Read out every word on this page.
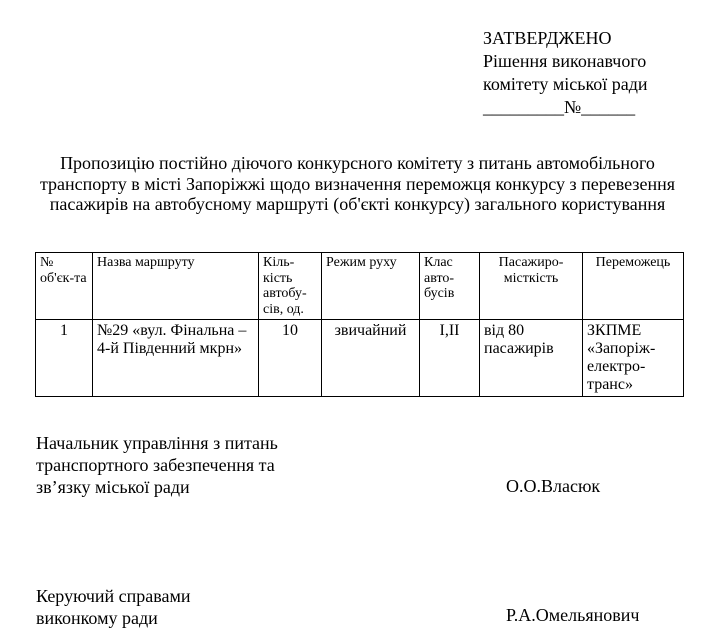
ЗАТВЕРДЖЕНО
Рішення виконавчого
комітету міської ради
_________№______
Пропозицію постійно діючого конкурсного комітету з питань автомобільного транспорту в місті Запоріжжі щодо визначення переможця конкурсу з перевезення пасажирів на автобусному маршруті (об'єкті конкурсу) загального користування
№ об'єк-та	Назва маршруту	Кіль-кість автобу-сів, од.	Режим руху	Клас авто-бусів	Пасажиро-місткість	Переможець
1	№29 «вул. Фінальна – 4-й Південний мкрн»	10	звичайний	І,ІІ	від 80 пасажирів	ЗКПМЕ «Запоріж-електро-транс»
Начальник управління з питань
транспортного забезпечення та
зв’язку міської ради	О.О.Власюк
Керуючий справами
виконкому ради	Р.А.Омельянович
